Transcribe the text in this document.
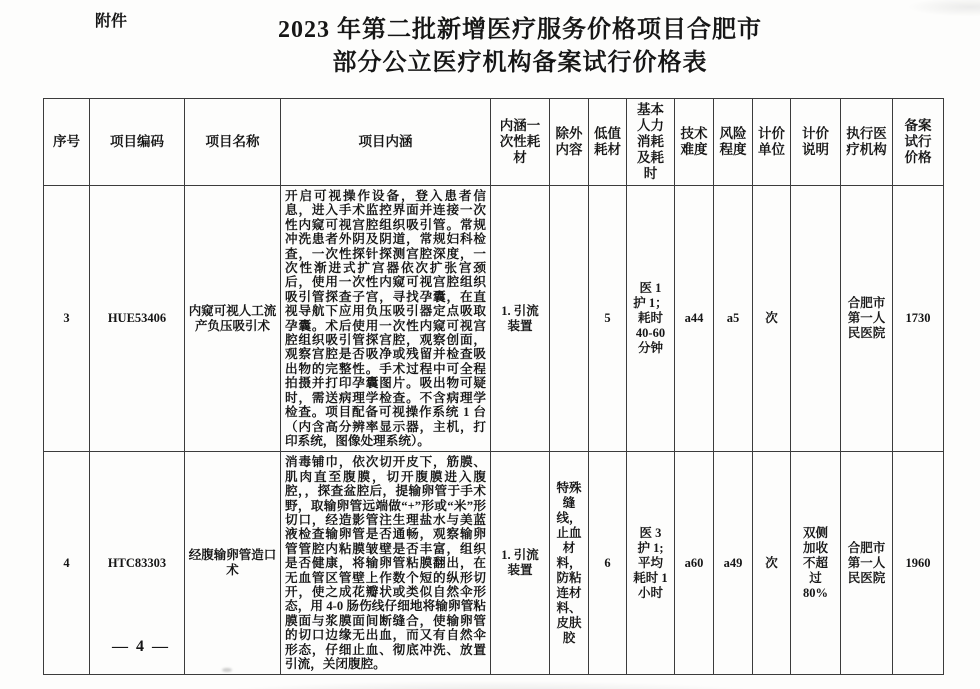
附件	2023 年第二批新增医疗服务价格项目合肥市
部分公立医疗机构备案试行价格表
序号	项目编码	项目名称	项目内涵	内涵一次性耗材	除外内容	低值耗材	基本人力消耗及耗时	技术难度	风险程度	计价单位	计价说明	执行医疗机构	备案试行价格
3	HUE53406	内窥可视人工流产负压吸引术	开启可视操作设备，登入患者信息，进入手术监控界面并连接一次性内窥可视宫腔组织吸引管。常规冲洗患者外阴及阴道，常规妇科检查，一次性探针探测宫腔深度，一次性渐进式扩宫器依次扩张宫颈后，使用一次性内窥可视宫腔组织吸引管探查子宫，寻找孕囊，在直视导航下应用负压吸引器定点吸取孕囊。术后使用一次性内窥可视宫腔组织吸引管探宫腔，观察创面，观察宫腔是否吸净或残留并检查吸出物的完整性。手术过程中可全程拍摄并打印孕囊图片。吸出物可疑时，需送病理学检查。不含病理学检查。项目配备可视操作系统 1 台（内含高分辨率显示器，主机，打印系统，图像处理系统）。	1. 引流装置		5	医 1 护 1；耗时 40-60 分钟	a44	a5	次		合肥市第一人民医院	1730
4	HTC83303	经腹输卵管造口术	消毒铺巾，依次切开皮下，筋膜、肌肉直至腹膜，切开腹膜进入腹腔，，探查盆腔后，提输卵管于手术野，取输卵管远端做“+”形或“米”形切口，经造影管注生理盐水与美蓝液检查输卵管是否通畅，观察输卵管管腔内粘膜皱壁是否丰富，组织是否健康，将输卵管粘膜翻出，在无血管区管壁上作数个短的纵形切开，使之成花瓣状或类似自然伞形态，用 4-0 肠伤线仔细地将输卵管粘膜面与浆膜面间断缝合，使输卵管的切口边缘无出血，而又有自然伞形态，仔细止血、彻底冲洗、放置引流，关闭腹腔。	1. 引流装置	特殊缝线，止血材料，防粘连材料、皮肤胶	6	医 3 护 1;平均耗时 1 小时	a60	a49	次	双侧加收不超过 80%	合肥市第一人民医院	1960
— 4 —
